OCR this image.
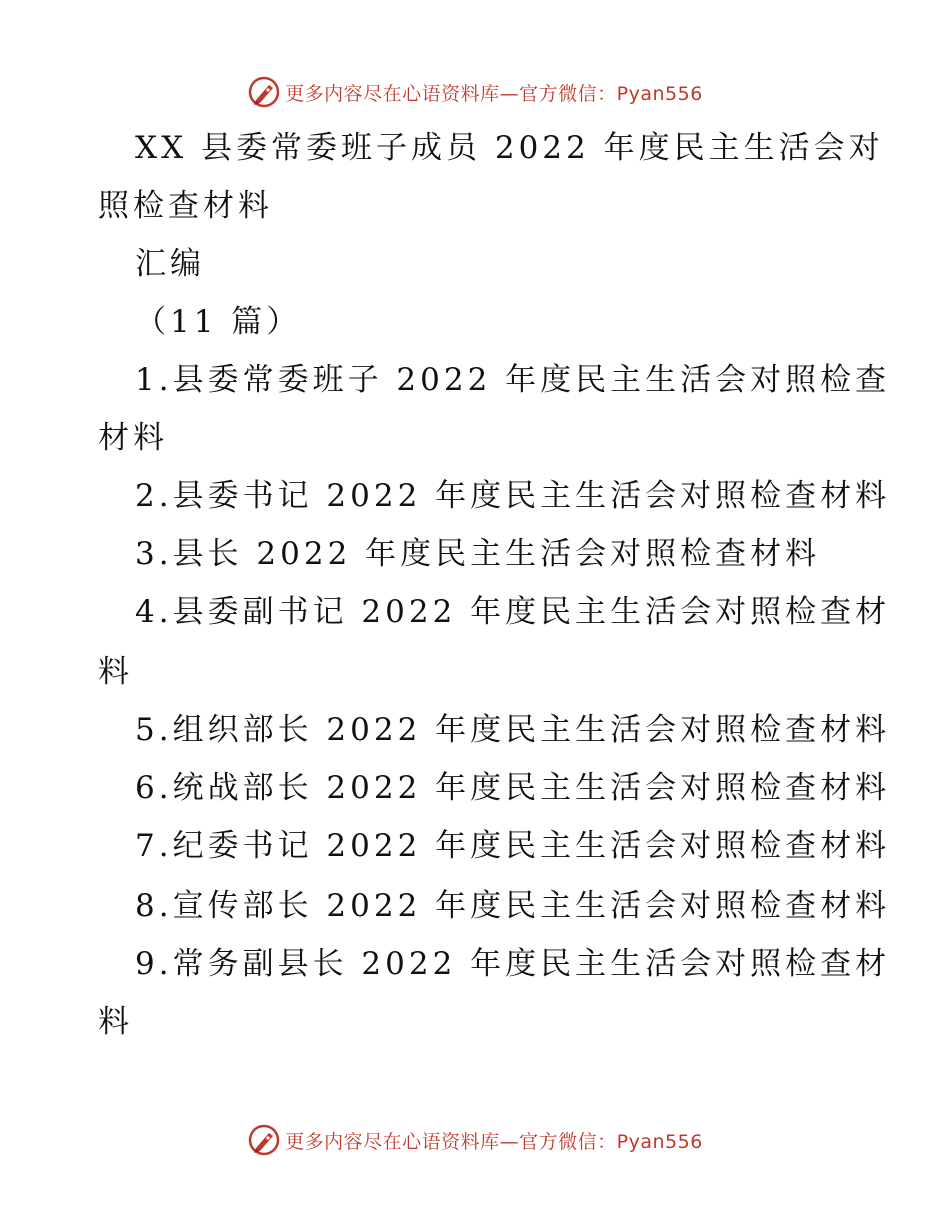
更多内容尽在心语资料库—官方微信：Pyan556
XX 县委常委班子成员 2022 年度民主生活会对
照检查材料
汇编
（11 篇）
1.县委常委班子 2022 年度民主生活会对照检查
材料
2.县委书记 2022 年度民主生活会对照检查材料
3.县长 2022 年度民主生活会对照检查材料
4.县委副书记 2022 年度民主生活会对照检查材
料
5.组织部长 2022 年度民主生活会对照检查材料
6.统战部长 2022 年度民主生活会对照检查材料
7.纪委书记 2022 年度民主生活会对照检查材料
8.宣传部长 2022 年度民主生活会对照检查材料
9.常务副县长 2022 年度民主生活会对照检查材
料
更多内容尽在心语资料库—官方微信：Pyan556
